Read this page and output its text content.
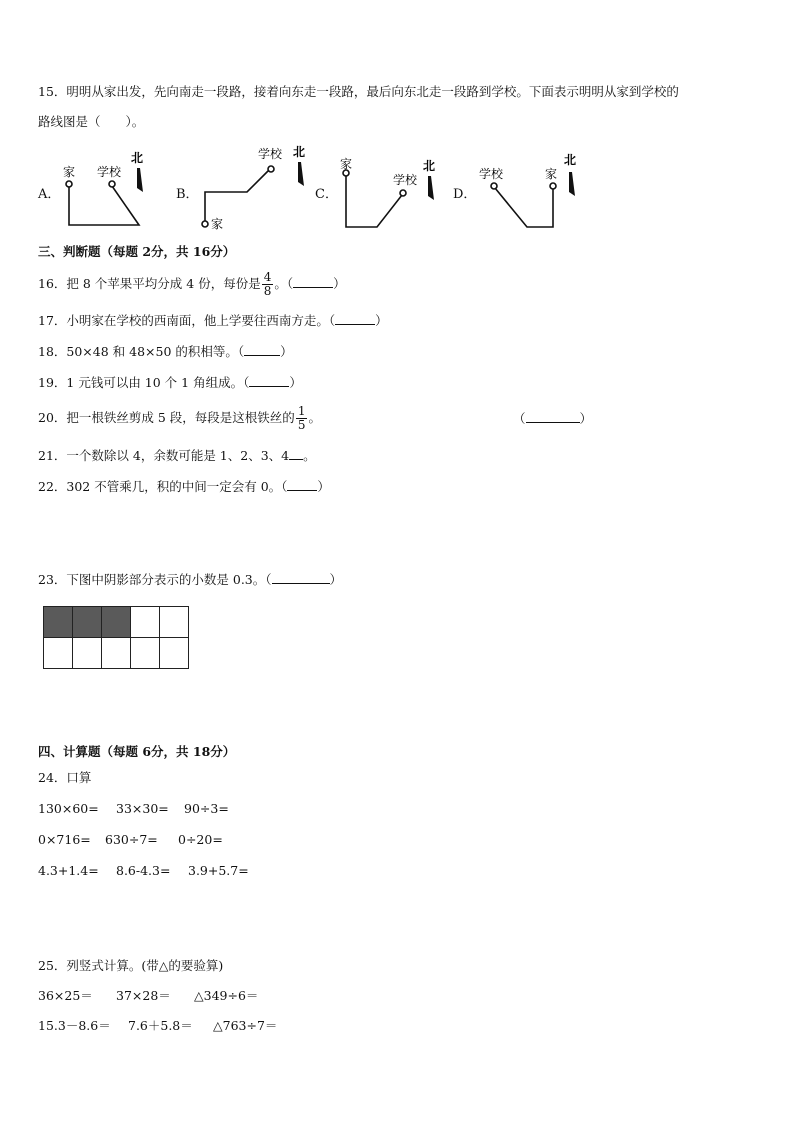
15．明明从家出发，先向南走一段路，接着向东走一段路，最后向东北走一段路到学校。下面表示明明从家到学校的
路线图是（　　）。
A．	B．	C．	D．
家 学校
北
家
学校 北
家
学校
北
学校	家
北
三、判断题（每题 2分，共 16分）
16．把 8 个苹果平均分成 4 份，每份是 $\frac{4}{8}$ 。（	）
17．小明家在学校的西南面，他上学要往西南方走。（	）
18．50×48 和 48×50 的积相等。（	）
19．1 元钱可以由 10 个 1 角组成。（	）
20．把一根铁丝剪成 5 段，每段是这根铁丝的 $\frac{1}{5}$ 。	（	）
21．一个数除以 4，余数可能是 1、2、3、4 。
22．302 不管乘几，积的中间一定会有 0。（ ）
23．下图中阴影部分表示的小数是 0.3。（	）

四、计算题（每题 6分，共 18分）
24．口算
130×60= 33×30= 90÷3=
0×716= 630÷7= 0÷20=
4.3+1.4= 8.6-4.3= 3.9+5.7=
25．列竖式计算。(带△的要验算)
36×25＝ 37×28＝ △349÷6＝
15.3－8.6＝ 7.6＋5.8＝ △763÷7＝
